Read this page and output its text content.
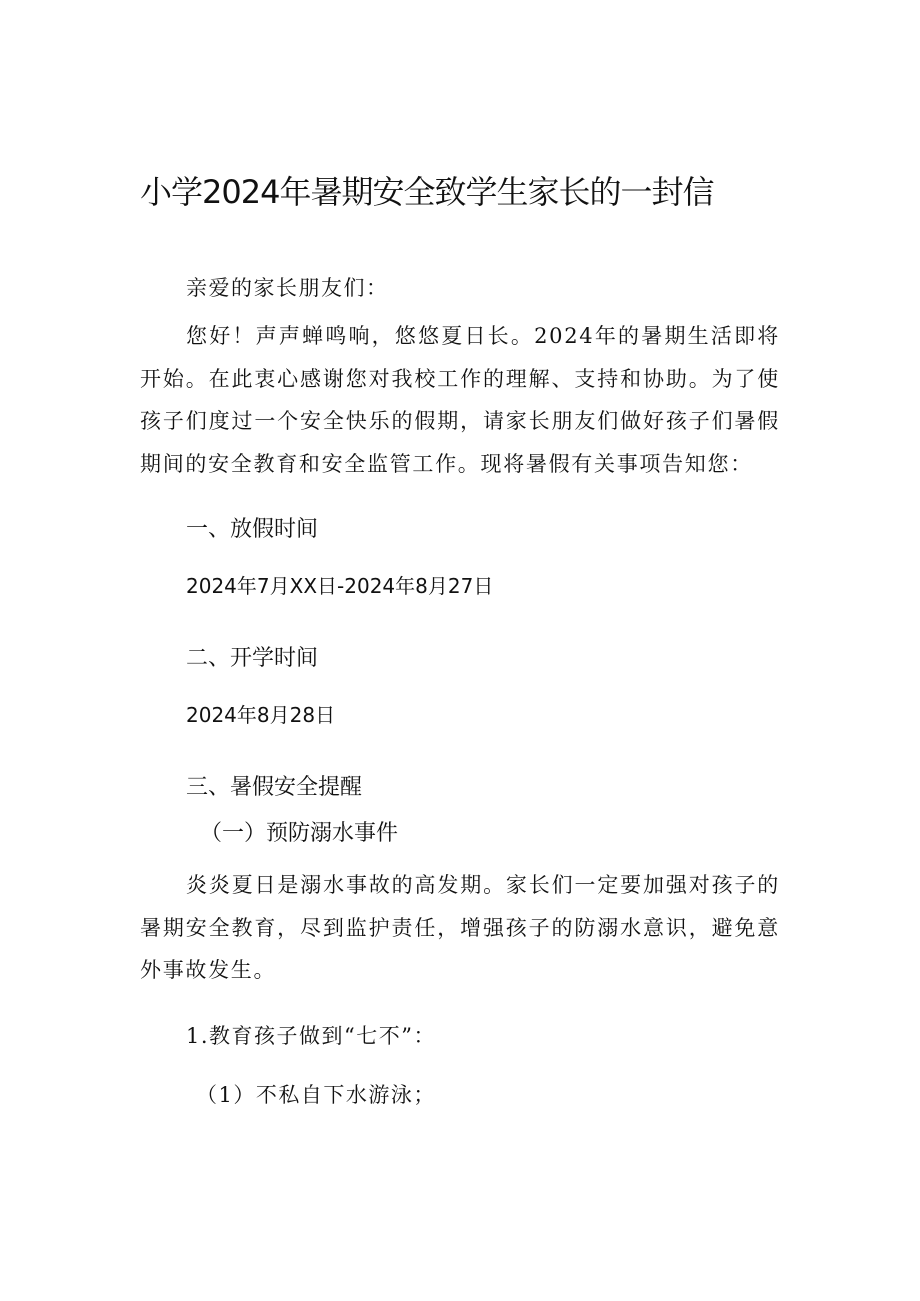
小学2024年暑期安全致学生家长的一封信

亲爱的家长朋友们：

您好！声声蝉鸣响，悠悠夏日长。2024年的暑期生活即将开始。在此衷心感谢您对我校工作的理解、支持和协助。为了使孩子们度过一个安全快乐的假期，请家长朋友们做好孩子们暑假期间的安全教育和安全监管工作。现将暑假有关事项告知您：

一、放假时间

2024年7月XX日-2024年8月27日

二、开学时间

2024年8月28日

三、暑假安全提醒

（一）预防溺水事件

炎炎夏日是溺水事故的高发期。家长们一定要加强对孩子的暑期安全教育，尽到监护责任，增强孩子的防溺水意识，避免意外事故发生。

1.教育孩子做到“七不”：

（1）不私自下水游泳；
